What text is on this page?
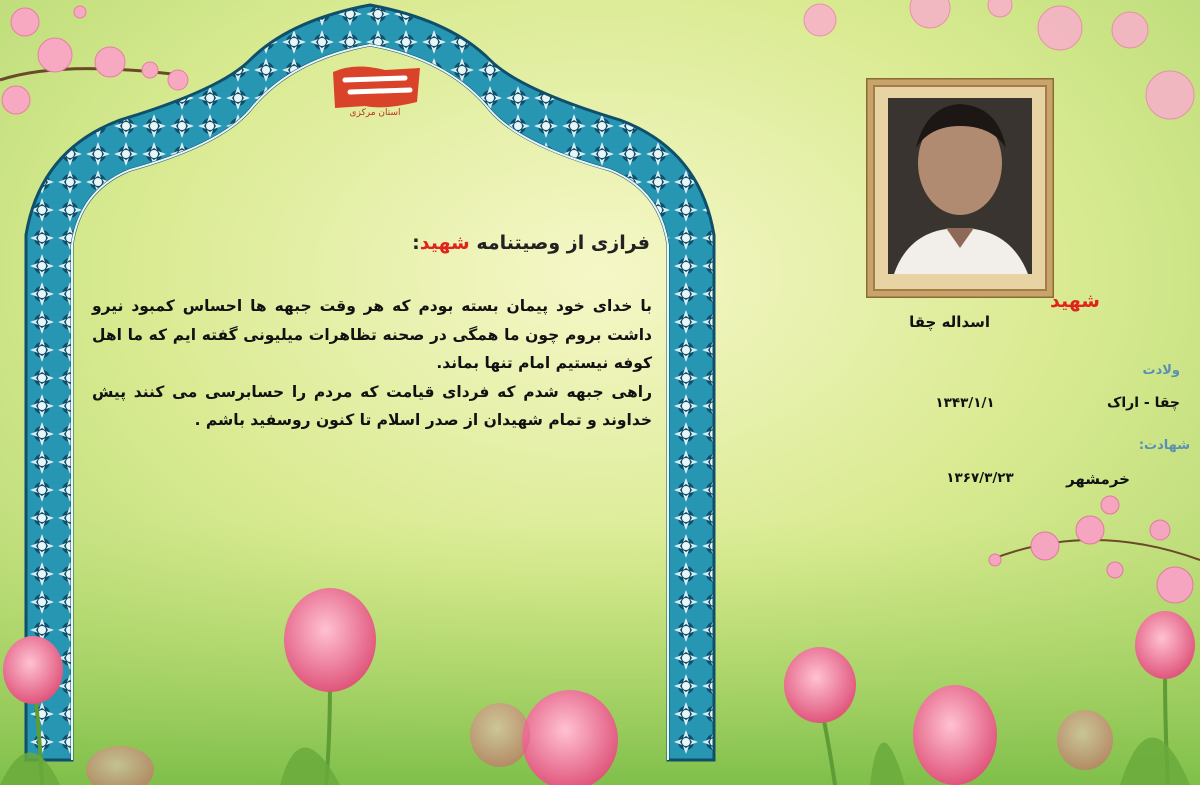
استان مرکزی
فرازی از وصیتنامه شهید:

با خدای خود پیمان بسته بودم که هر وقت جبهه ها احساس کمبود نیرو داشت بروم چون ما همگی در صحنه تظاهرات میلیونی گفته ایم که ما اهل کوفه نیستیم امام تنها بماند.

راهی جبهه شدم که فردای قیامت که مردم را حسابرسی می کنند پیش خداوند و تمام شهیدان از صدر اسلام تا کنون روسفید باشم .

شهید
اسداله چقا
ولادت
چقا - اراک
۱۳۴۳/۱/۱
شهادت:
خرمشهر
۱۳۶۷/۳/۲۳
